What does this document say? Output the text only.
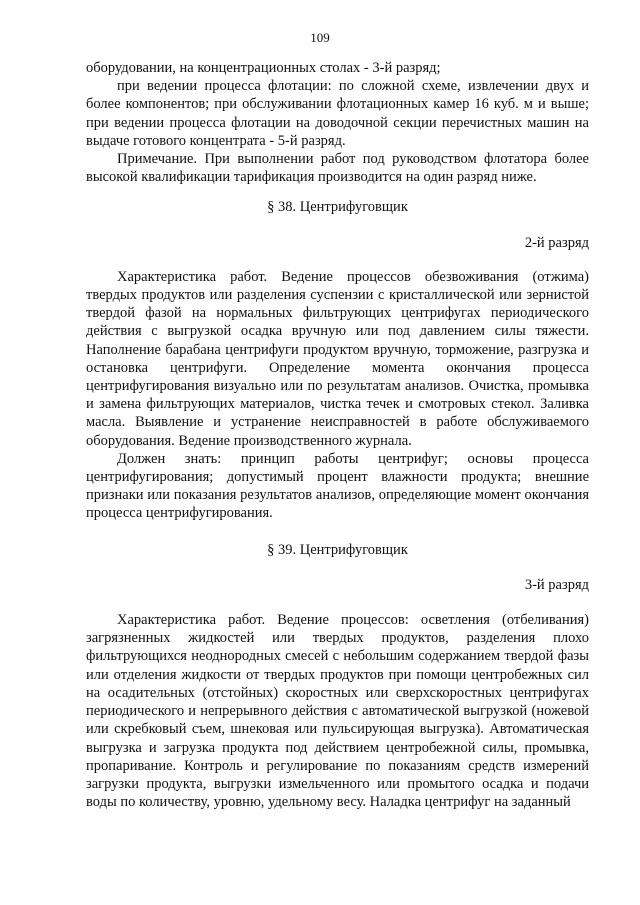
109

оборудовании, на концентрационных столах - 3-й разряд;

при ведении процесса флотации: по сложной схеме, извлечении двух и более компонентов; при обслуживании флотационных камер 16 куб. м и выше; при ведении процесса флотации на доводочной секции перечистных машин на выдаче готового концентрата - 5-й разряд.

Примечание. При выполнении работ под руководством флотатора более высокой квалификации тарификация производится на один разряд ниже.

§ 38. Центрифуговщик

2-й разряд

Характеристика работ. Ведение процессов обезвоживания (отжима) твердых продуктов или разделения суспензии с кристаллической или зернистой твердой фазой на нормальных фильтрующих центрифугах периодического действия с выгрузкой осадка вручную или под давлением силы тяжести. Наполнение барабана центрифуги продуктом вручную, торможение, разгрузка и остановка центрифуги. Определение момента окончания процесса центрифугирования визуально или по результатам анализов. Очистка, промывка и замена фильтрующих материалов, чистка течек и смотровых стекол. Заливка масла. Выявление и устранение неисправностей в работе обслуживаемого оборудования. Ведение производственного журнала.

Должен знать: принцип работы центрифуг; основы процесса центрифугирования; допустимый процент влажности продукта; внешние признаки или показания результатов анализов, определяющие момент окончания процесса центрифугирования.

§ 39. Центрифуговщик

3-й разряд

Характеристика работ. Ведение процессов: осветления (отбеливания) загрязненных жидкостей или твердых продуктов, разделения плохо фильтрующихся неоднородных смесей с небольшим содержанием твердой фазы или отделения жидкости от твердых продуктов при помощи центробежных сил на осадительных (отстойных) скоростных или сверхскоростных центрифугах периодического и непрерывного действия с автоматической выгрузкой (ножевой или скребковый съем, шнековая или пульсирующая выгрузка). Автоматическая выгрузка и загрузка продукта под действием центробежной силы, промывка, пропаривание. Контроль и регулирование по показаниям средств измерений загрузки продукта, выгрузки измельченного или промытого осадка и подачи воды по количеству, уровню, удельному весу. Наладка центрифуг на заданный
